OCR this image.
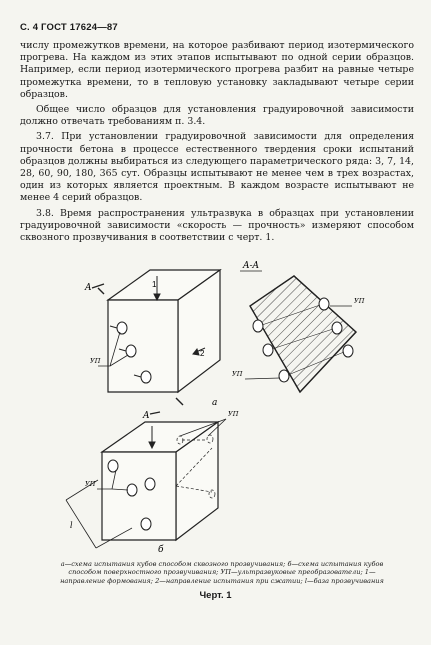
С. 4 ГОСТ 17624—87

числу промежутков времени, на которое разбивают период изотермического прогрева. На каждом из этих этапов испытывают по одной серии образцов. Например, если период изотермического прогрева разбит на равные четыре промежутка времени, то в тепловую установку закладывают четыре серии образцов.

Общее число образцов для установления градуировочной зависимости должно отвечать требованиям п. 3.4.

3.7. При установлении градуировочной зависимости для определения прочности бетона в процессе естественного твердения сроки испытаний образцов должны выбираться из следующего параметрического ряда: 3, 7, 14, 28, 60, 90, 180, 365 сут. Образцы испытывают не менее чем в трех возрастах, один из которых является проектным. В каждом возрасте испытывают не менее 4 серий образцов.

3.8. Время распространения ультразвука в образцах при установлении градуировочной зависимости «скорость — прочность» измеряют способом сквозного прозвучивания в соответствии с черт. 1.

1
2
A
УП
а
A-A
УП
УП
A	УП
УП
l
б
а—схема испытания кубов способом сквозного прозвучивания; б—схема испытания кубов способом поверхностного прозвучивания; УП—ультразвуковые преобразователи; 1—направление формования; 2—направление испытания при сжатии; l—база прозвучивания
Черт. 1
